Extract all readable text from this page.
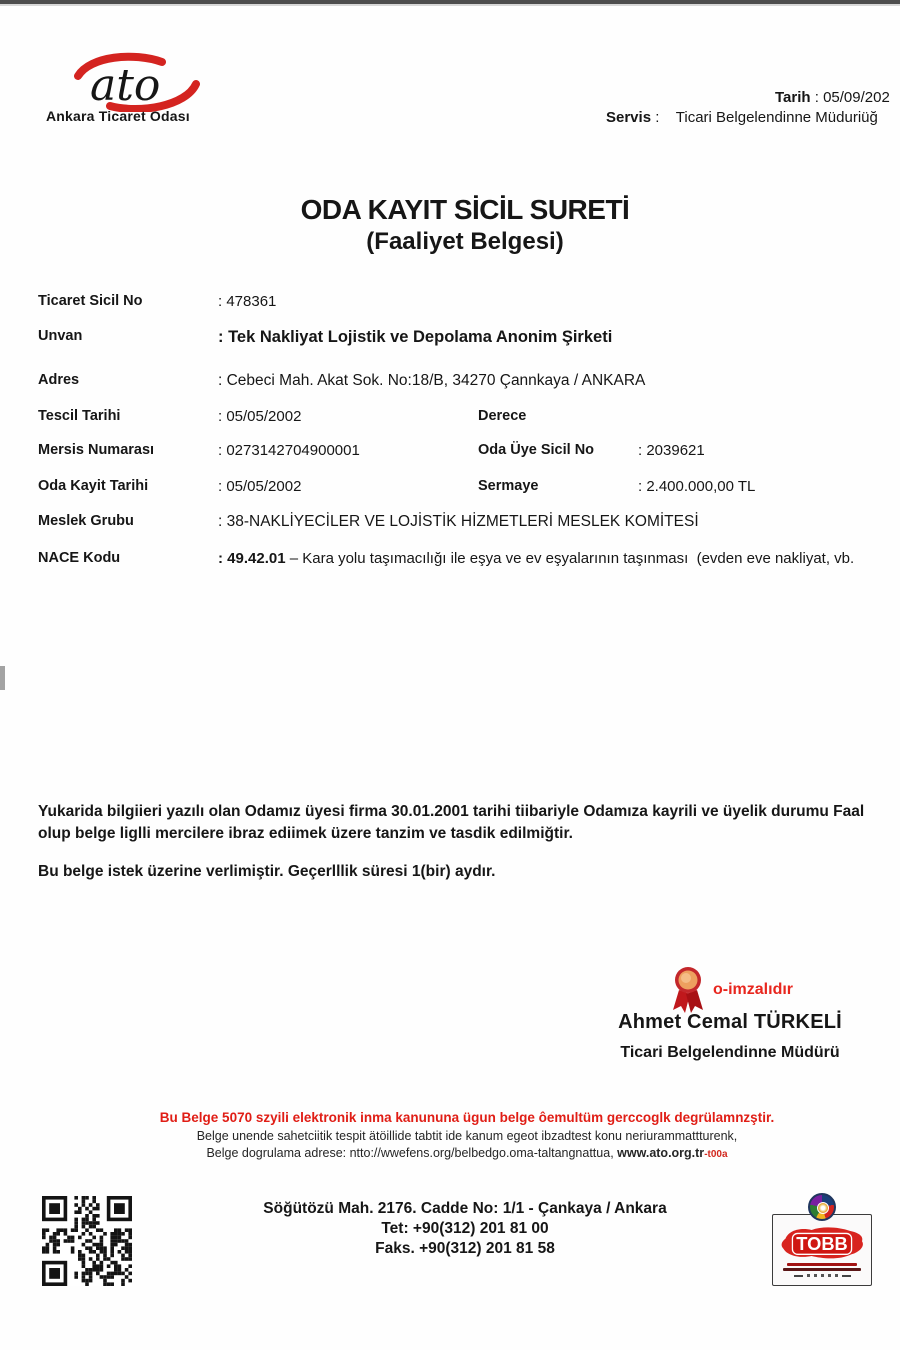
ato
Ankara Ticaret Odası
Tarih : 05/09/202
Servis :    Ticari Belgelendinne Müduriüğ
ODA KAYIT SİCİL SURETİ
(Faaliyet Belgesi)
Ticaret Sicil No	: 478361
Unvan	: Tek Nakliyat Lojistik ve Depolama Anonim Şirketi
Adres	: Cebeci Mah. Akat Sok. No:18/B, 34270 Çannkaya / ANKARA
Tescil Tarihi	: 05/05/2002	Derece
Mersis Numarası	: 0273142704900001	Oda Üye Sicil No	: 2039621
Oda Kayit Tarihi	: 05/05/2002	Sermaye	: 2.400.000,00 TL
Meslek Grubu	: 38-NAKLİYECİLER VE LOJİSTİK HİZMETLERİ MESLEK KOMİTESİ
NACE Kodu	: 49.42.01 – Kara yolu taşımacılığı ile eşya ve ev eşyalarının taşınması  (evden eve nakliyat, vb.
Yukarida bilgiieri yazılı olan Odamız üyesi firma 30.01.2001 tarihi tiibariyle Odamıza kayrili ve üyelik durumu Faal
olup belge liglli mercilere ibraz ediimek üzere tanzim ve tasdik edilmiğtir.
Bu belge istek üzerine verlimiştir. Geçerlllik süresi 1(bir) aydır.
o-imzalıdır
Ahmet Cemal TÜRKELİ
Ticari Belgelendinne Müdürü
Bu Belge 5070 szyili elektronik inma kanununa ügun belge ôemultüm gerccoglk degrülamnzştir.
Belge unende sahetciitik tespit ätöillide tabtit ide kanum egeot ibzadtest konu neriurammattturenk,
Belge dogrulama adrese: ntto://wwefens.org/belbedgo.oma-taltangnattua, www.ato.org.tr-t00a
Söğütözü Mah. 2176. Cadde No: 1/1 - Çankaya / Ankara
Tet: +90(312) 201 81 00
Faks. +90(312) 201 81 58	TOBB
